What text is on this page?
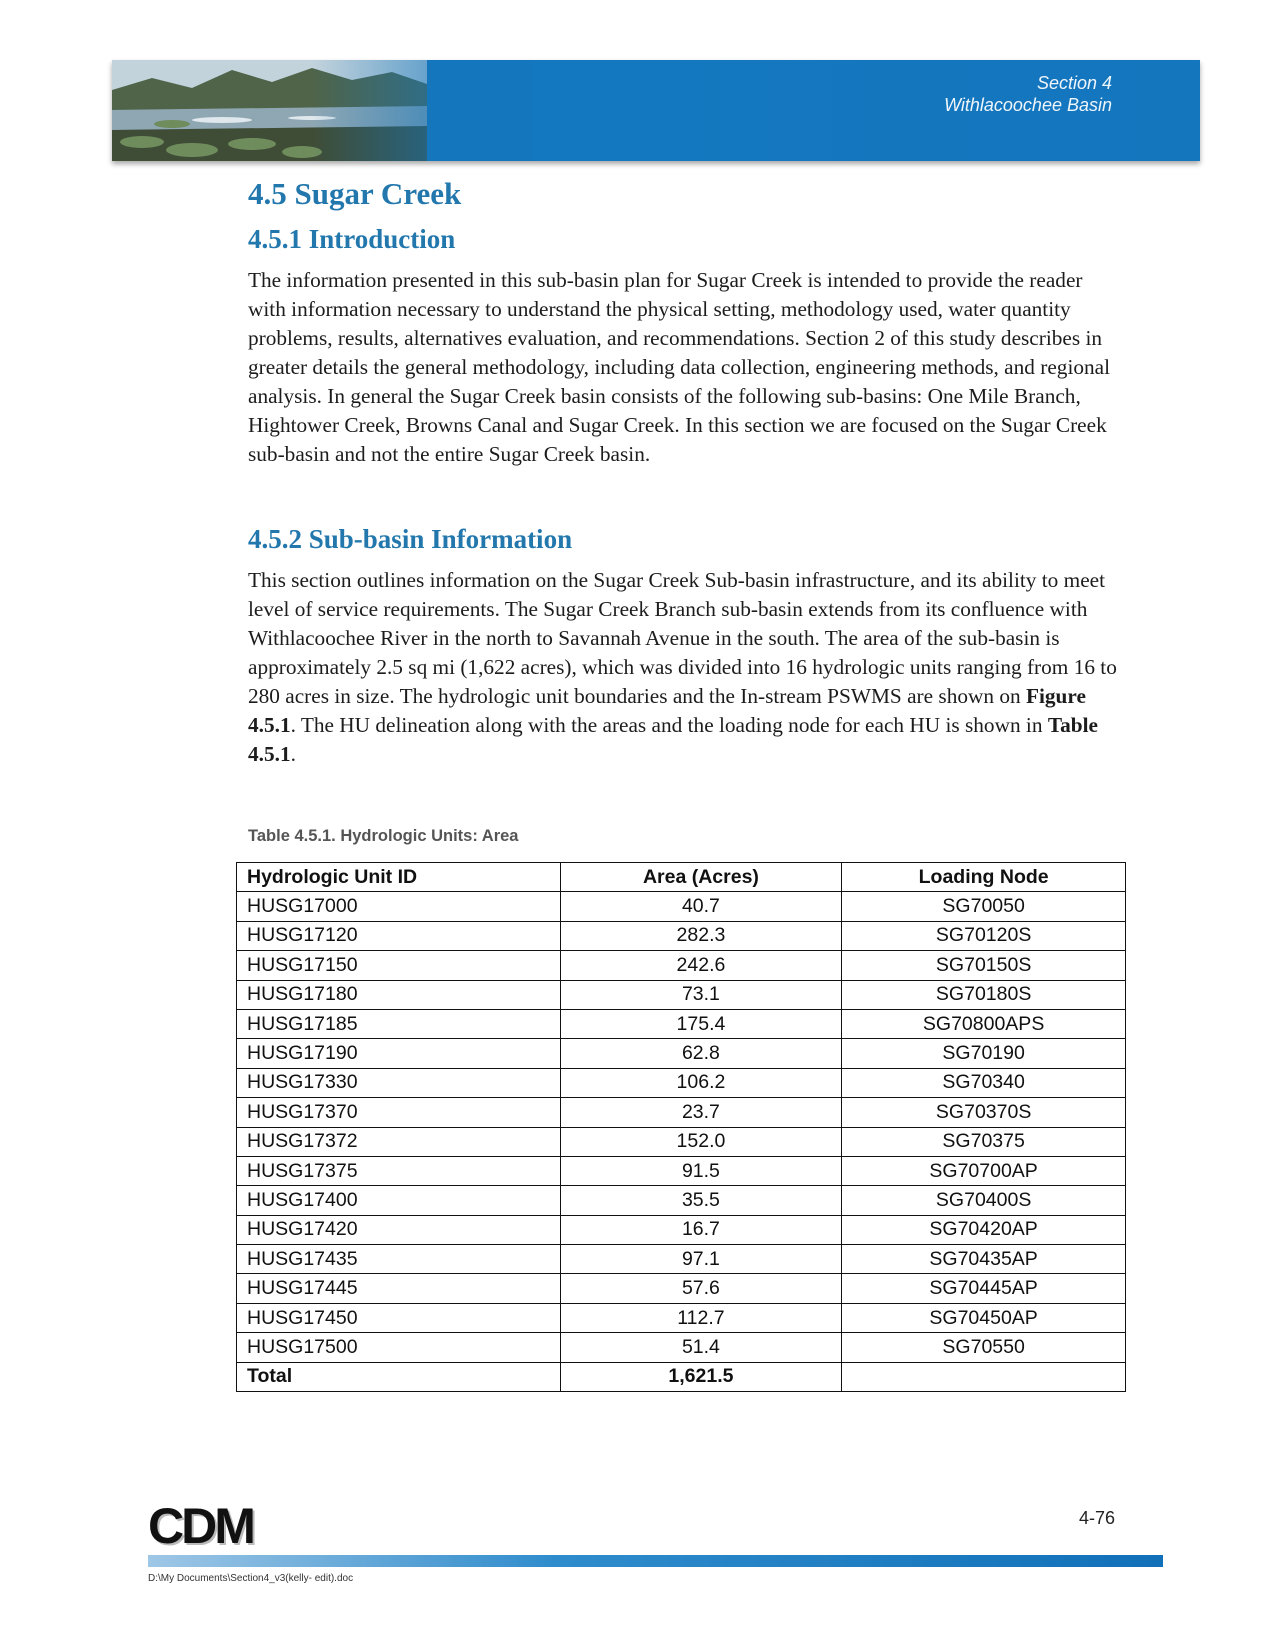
Section 4
Withlacoochee Basin
4.5 Sugar Creek
4.5.1 Introduction

The information presented in this sub-basin plan for Sugar Creek is intended to provide the reader with information necessary to understand the physical setting, methodology used, water quantity problems, results, alternatives evaluation, and recommendations. Section 2 of this study describes in greater details the general methodology, including data collection, engineering methods, and regional analysis. In general the Sugar Creek basin consists of the following sub-basins: One Mile Branch, Hightower Creek, Browns Canal and Sugar Creek. In this section we are focused on the Sugar Creek sub-basin and not the entire Sugar Creek basin.

4.5.2 Sub-basin Information

This section outlines information on the Sugar Creek Sub-basin infrastructure, and its ability to meet level of service requirements. The Sugar Creek Branch sub-basin extends from its confluence with Withlacoochee River in the north to Savannah Avenue in the south. The area of the sub-basin is approximately 2.5 sq mi (1,622 acres), which was divided into 16 hydrologic units ranging from 16 to 280 acres in size. The hydrologic unit boundaries and the In-stream PSWMS are shown on Figure 4.5.1. The HU delineation along with the areas and the loading node for each HU is shown in Table 4.5.1.

Table 4.5.1. Hydrologic Units: Area
Hydrologic Unit ID	Area (Acres)	Loading Node
HUSG17000	40.7	SG70050
HUSG17120	282.3	SG70120S
HUSG17150	242.6	SG70150S
HUSG17180	73.1	SG70180S
HUSG17185	175.4	SG70800APS
HUSG17190	62.8	SG70190
HUSG17330	106.2	SG70340
HUSG17370	23.7	SG70370S
HUSG17372	152.0	SG70375
HUSG17375	91.5	SG70700AP
HUSG17400	35.5	SG70400S
HUSG17420	16.7	SG70420AP
HUSG17435	97.1	SG70435AP
HUSG17445	57.6	SG70445AP
HUSG17450	112.7	SG70450AP
HUSG17500	51.4	SG70550
Total	1,621.5	
CDM	4-76
D:\My Documents\Section4_v3(kelly- edit).doc
